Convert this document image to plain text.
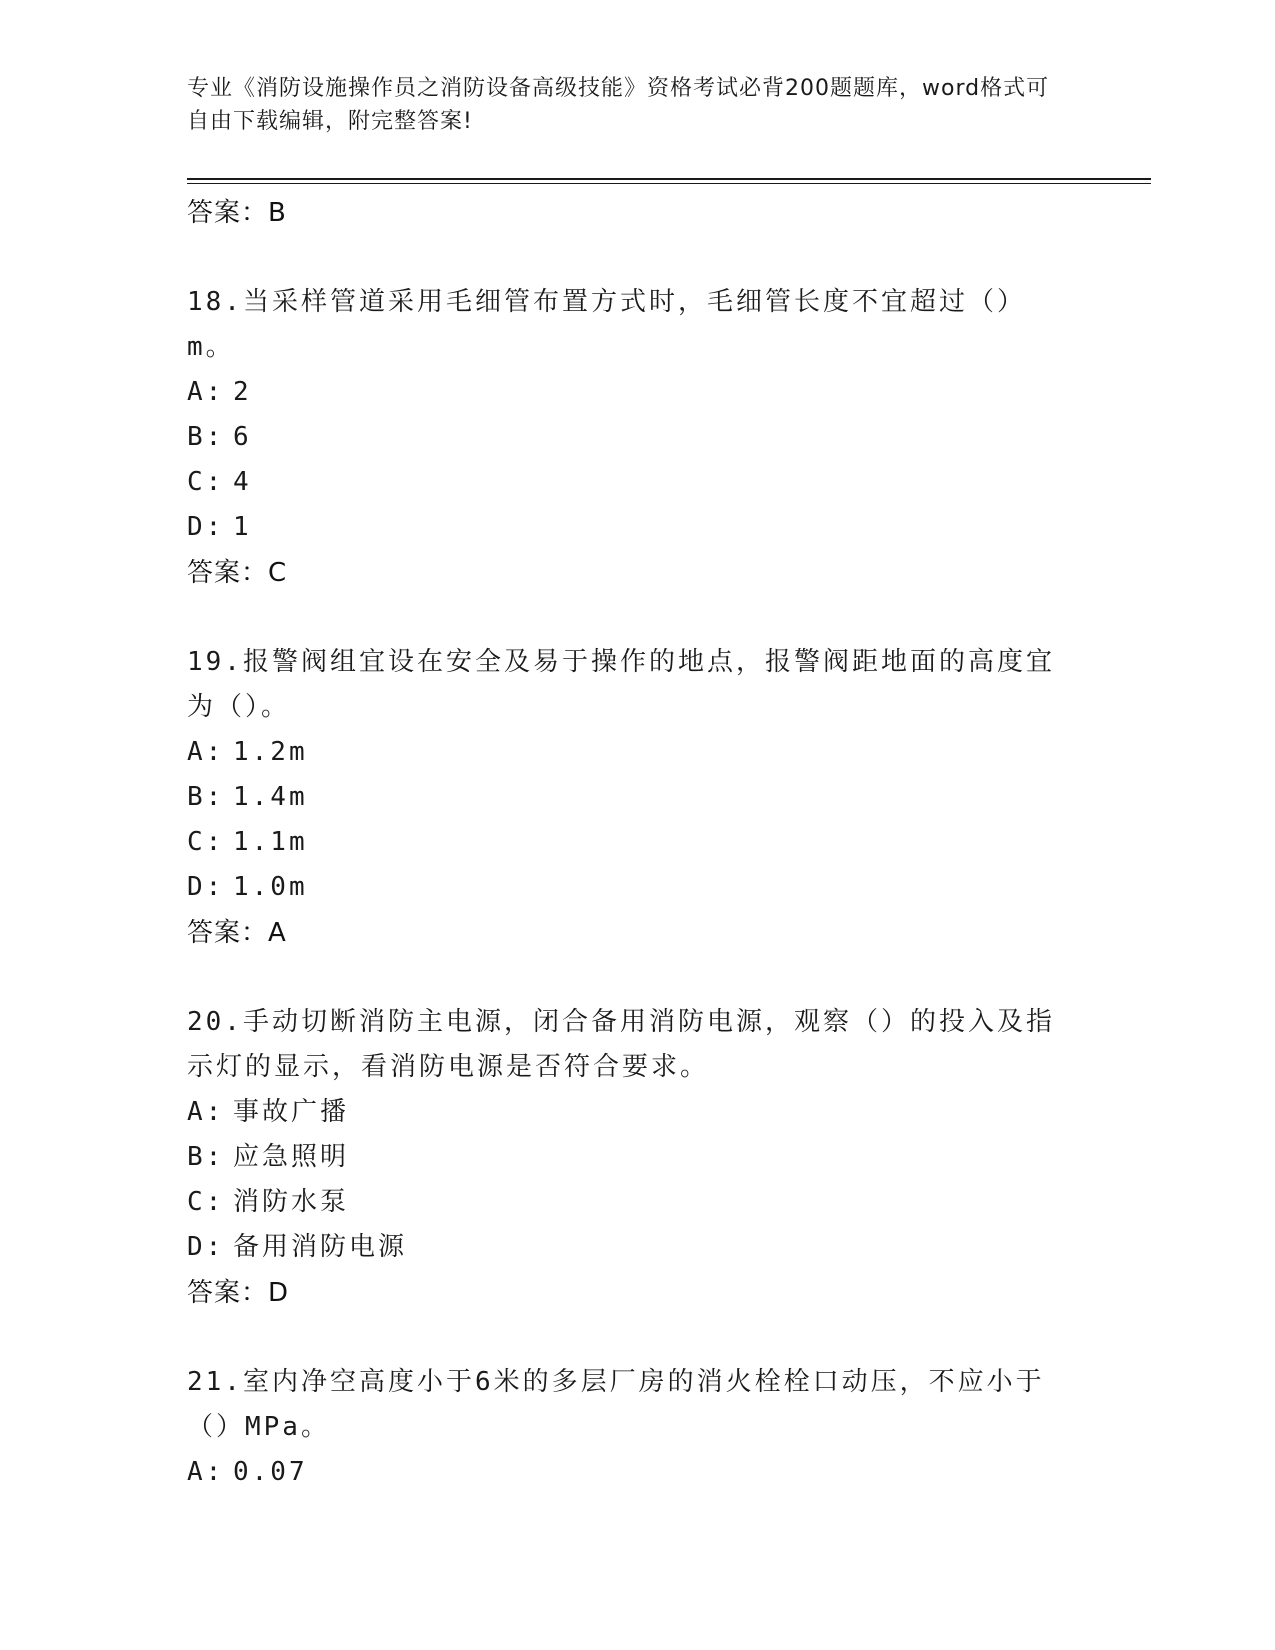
专业《消防设施操作员之消防设备高级技能》资格考试必背200题题库，word格式可自由下载编辑，附完整答案!
答案：B
18.当采样管道采用毛细管布置方式时，毛细管长度不宜超过（）m。
A: 2
B: 6
C: 4
D: 1
答案：C
19.报警阀组宜设在安全及易于操作的地点，报警阀距地面的高度宜为（）。
A: 1.2m
B: 1.4m
C: 1.1m
D: 1.0m
答案：A
20.手动切断消防主电源，闭合备用消防电源，观察（）的投入及指示灯的显示，看消防电源是否符合要求。
A: 事故广播
B: 应急照明
C: 消防水泵
D: 备用消防电源
答案：D
21.室内净空高度小于6米的多层厂房的消火栓栓口动压，不应小于（）MPa。
A: 0.07
